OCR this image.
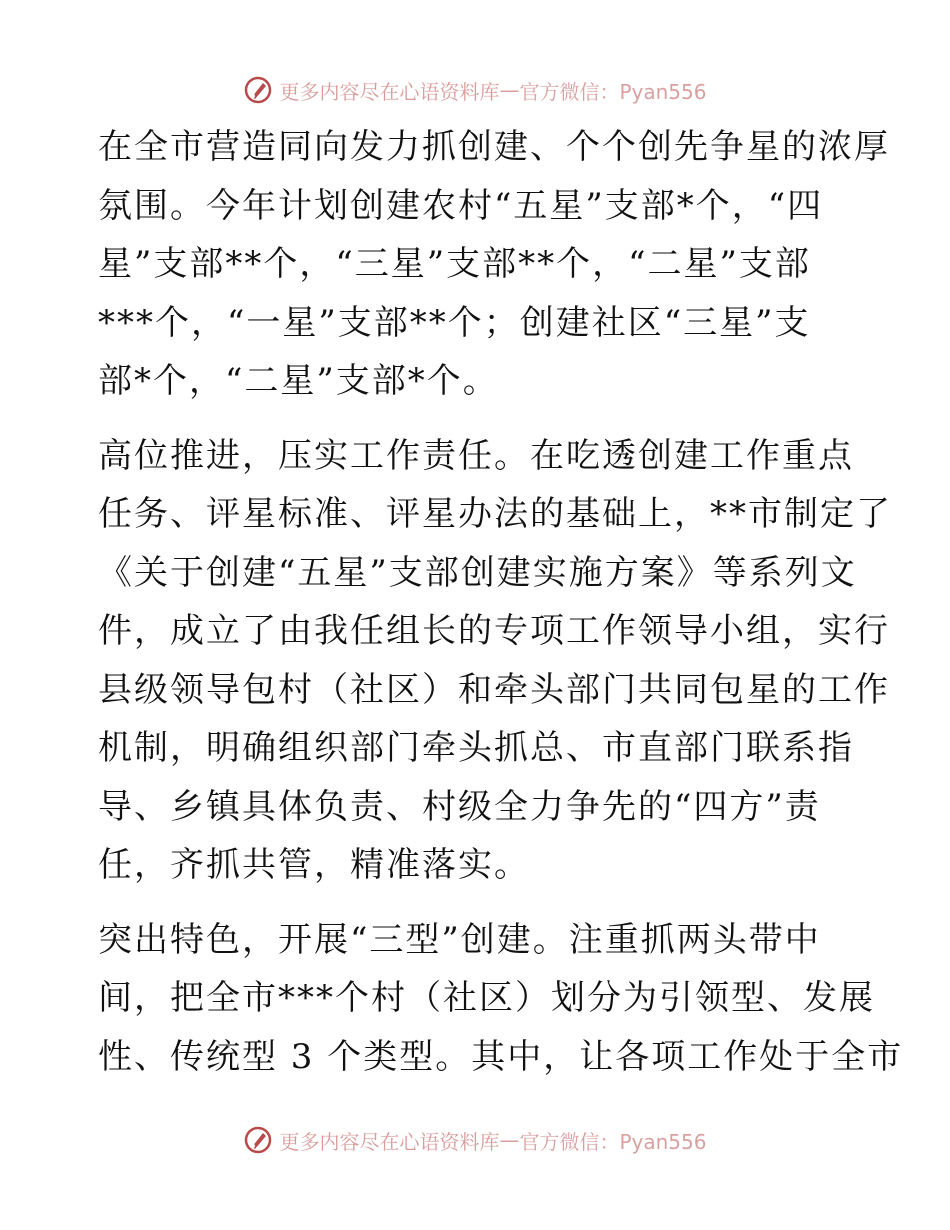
更多内容尽在心语资料库 — 官方微信：Pyan556

在全市营造同向发力抓创建、个个创先争星的浓厚
氛围。今年计划创建农村“五星”支部*个，“四
星”支部**个，“三星”支部**个，“二星”支部
***个，“一星”支部**个；创建社区“三星”支
部*个，“二星”支部*个。

高位推进，压实工作责任。在吃透创建工作重点
任务、评星标准、评星办法的基础上，**市制定了
《关于创建“五星”支部创建实施方案》等系列文
件，成立了由我任组长的专项工作领导小组，实行
县级领导包村（社区）和牵头部门共同包星的工作
机制，明确组织部门牵头抓总、市直部门联系指
导、乡镇具体负责、村级全力争先的“四方”责
任，齐抓共管，精准落实。

突出特色，开展“三型”创建。注重抓两头带中
间，把全市***个村（社区）划分为引领型、发展
性、传统型 3 个类型。其中，让各项工作处于全市

更多内容尽在心语资料库 — 官方微信：Pyan556
